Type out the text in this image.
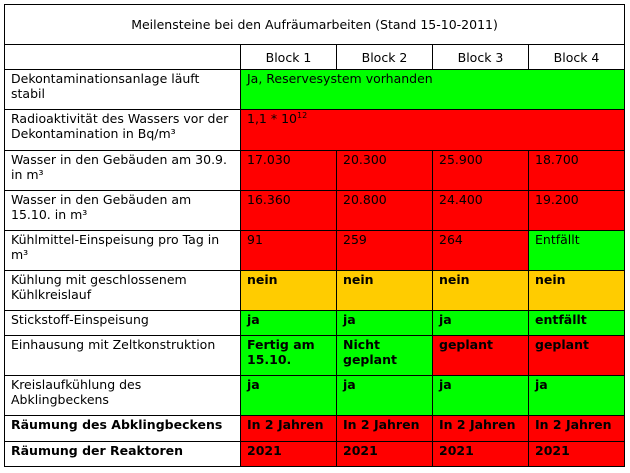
Meilensteine bei den Aufräumarbeiten (Stand 15-10-2011)				
	Block 1	Block 2	Block 3	Block 4
Dekontaminationsanlage läuft stabil	Ja, Reservesystem vorhanden			
Radioaktivität des Wassers vor der Dekontamination in Bq/m³	$1,1 * 10^{12}$
Wasser in den Gebäuden am 30.9. in m³	17.030	20.300	25.900	18.700
Wasser in den Gebäuden am 15.10. in m³	16.360	20.800	24.400	19.200
Kühlmittel-Einspeisung pro Tag in m³	91	259	264	Entfällt
Kühlung mit geschlossenem Kühlkreislauf	nein	nein	nein	nein
Stickstoff-Einspeisung	ja	ja	ja	entfällt
Einhausung mit Zeltkonstruktion	Fertig am 15.10.	Nicht geplant	geplant	geplant
Kreislaufkühlung des Abklingbeckens	ja	ja	ja	ja
Räumung des Abklingbeckens	In 2 Jahren	In 2 Jahren	In 2 Jahren	In 2 Jahren
Räumung der Reaktoren	2021	2021	2021	2021
